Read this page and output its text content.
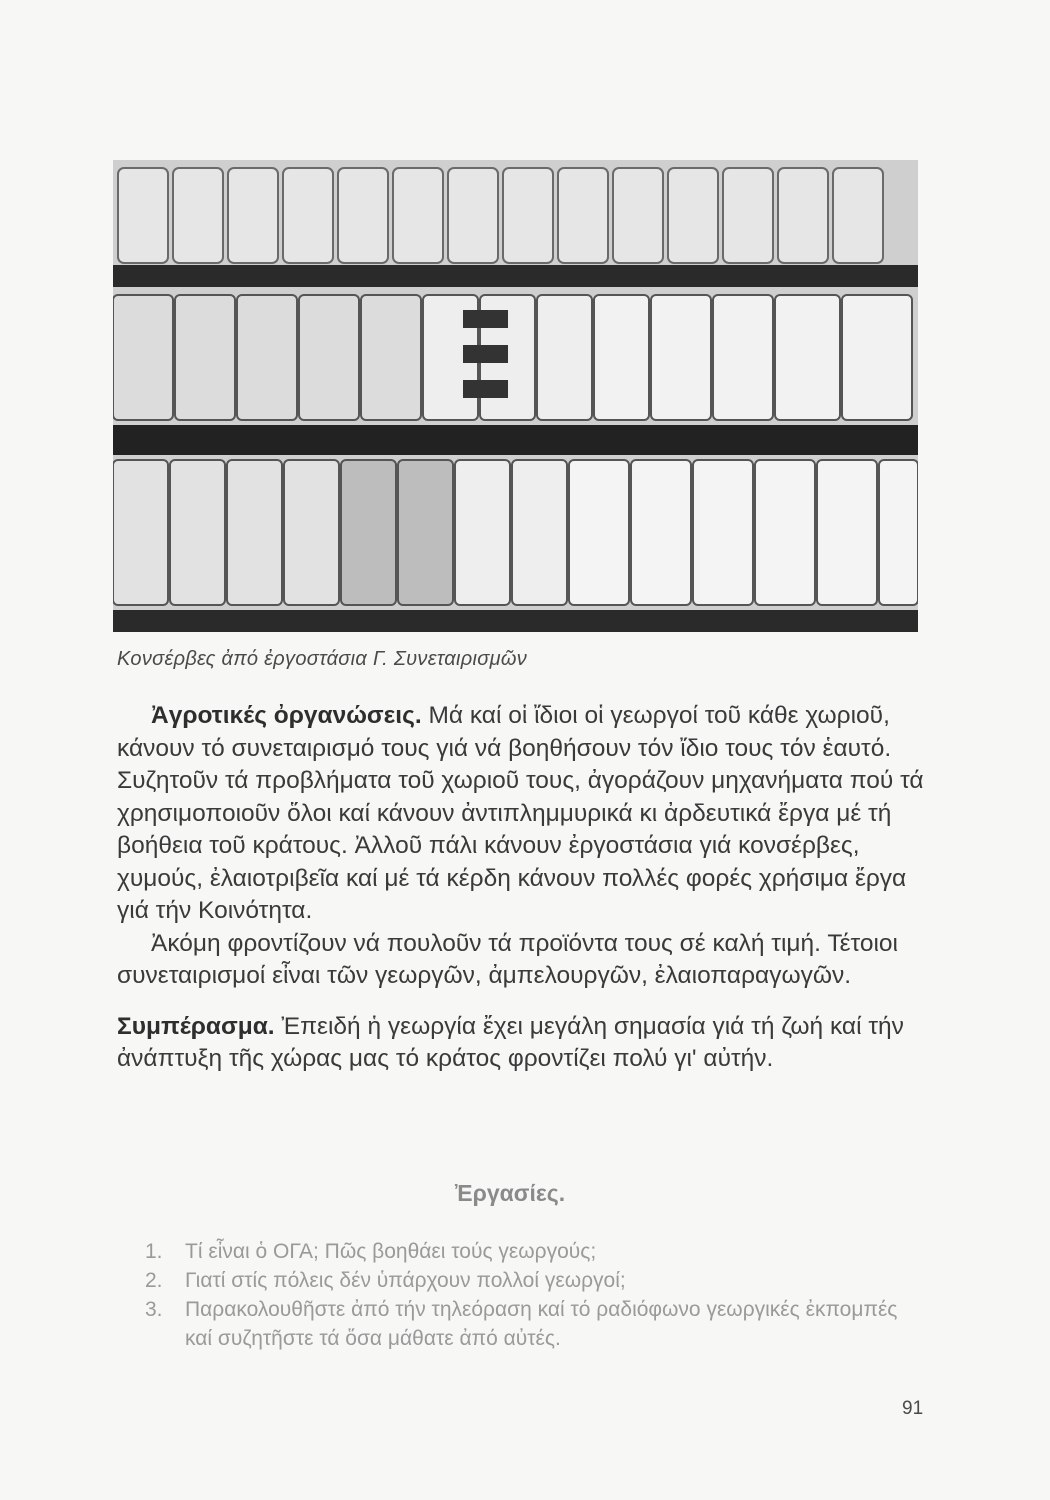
Κονσέρβες ἀπό ἐργοστάσια Γ. Συνεταιρισμῶν

Ἀγροτικές ὀργανώσεις. Μά καί οἱ ἴδιοι οἱ γεωργοί τοῦ κάθε χωριοῦ, κάνουν τό συνεταιρισμό τους γιά νά βοηθήσουν τόν ἴδιο τους τόν ἑαυτό. Συζητοῦν τά προβλήματα τοῦ χωριοῦ τους, ἀγοράζουν μηχανήματα πού τά χρησιμοποιοῦν ὅλοι καί κάνουν ἀντιπλημμυρικά κι ἀρδευτικά ἔργα μέ τή βοήθεια τοῦ κράτους. Ἀλλοῦ πάλι κάνουν ἐργοστάσια γιά κονσέρβες, χυμούς, ἐλαιοτριβεῖα καί μέ τά κέρδη κάνουν πολλές φορές χρήσιμα ἔργα γιά τήν Κοινότητα.

Ἀκόμη φροντίζουν νά πουλοῦν τά προϊόντα τους σέ καλή τιμή. Τέτοιοι συνεταιρισμοί εἶναι τῶν γεωργῶν, ἀμπελουργῶν, ἐλαιοπαραγωγῶν.

Συμπέρασμα. Ἐπειδή ἡ γεωργία ἔχει μεγάλη σημασία γιά τή ζωή καί τήν ἀνάπτυξη τῆς χώρας μας τό κράτος φροντίζει πολύ γι' αὐτήν.

Ἐργασίες.
1.	Τί εἶναι ὁ ΟΓΑ; Πῶς βοηθάει τούς γεωργούς;
2.	Γιατί στίς πόλεις δέν ὑπάρχουν πολλοί γεωργοί;
3.	Παρακολουθῆστε ἀπό τήν τηλεόραση καί τό ραδιόφωνο γεωργικές ἐκπομπές καί συζητῆστε τά ὅσα μάθατε ἀπό αὐτές.
91
